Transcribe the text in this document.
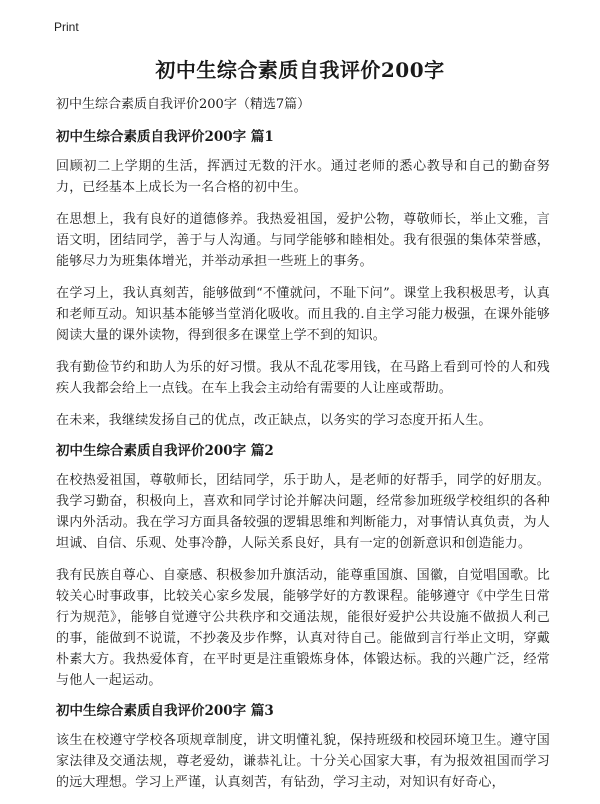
Print
初中生综合素质自我评价200字

初中生综合素质自我评价200字（精选7篇）

初中生综合素质自我评价200字 篇1

回顾初二上学期的生活，挥洒过无数的汗水。通过老师的悉心教导和自己的勤奋努力，已经基本上成长为一名合格的初中生。

在思想上，我有良好的道德修养。我热爱祖国，爱护公物，尊敬师长，举止文雅，言语文明，团结同学，善于与人沟通。与同学能够和睦相处。我有很强的集体荣誉感，能够尽力为班集体增光，并举动承担一些班上的事务。

在学习上，我认真刻苦，能够做到“不懂就问，不耻下问”。课堂上我积极思考，认真和老师互动。知识基本能够当堂消化吸收。而且我的.自主学习能力极强，在课外能够阅读大量的课外读物，得到很多在课堂上学不到的知识。

我有勤俭节约和助人为乐的好习惯。我从不乱花零用钱，在马路上看到可怜的人和残疾人我都会给上一点钱。在车上我会主动给有需要的人让座或帮助。

在未来，我继续发扬自己的优点，改正缺点，以务实的学习态度开拓人生。

初中生综合素质自我评价200字 篇2

在校热爱祖国，尊敬师长，团结同学，乐于助人，是老师的好帮手，同学的好朋友。我学习勤奋，积极向上，喜欢和同学讨论并解决问题，经常参加班级学校组织的各种课内外活动。我在学习方面具备较强的逻辑思维和判断能力，对事情认真负责，为人坦诚、自信、乐观、处事冷静，人际关系良好，具有一定的创新意识和创造能力。

我有民族自尊心、自豪感、积极参加升旗活动，能尊重国旗、国徽，自觉唱国歌。比较关心时事政事，比较关心家乡发展，能够学好的方教课程。能够遵守《中学生日常行为规范》，能够自觉遵守公共秩序和交通法规，能很好爱护公共设施不做损人利己的事，能做到不说谎，不抄袭及步作弊，认真对待自己。能做到言行举止文明，穿戴朴素大方。我热爱体育，在平时更是注重锻炼身体，体锻达标。我的兴趣广泛，经常与他人一起运动。

初中生综合素质自我评价200字 篇3

该生在校遵守学校各项规章制度，讲文明懂礼貌，保持班级和校园环境卫生。遵守国家法律及交通法规，尊老爱幼，谦恭礼让。十分关心国家大事，有为报效祖国而学习的远大理想。学习上严谨，认真刻苦，有钻劲，学习主动，对知识有好奇心，
